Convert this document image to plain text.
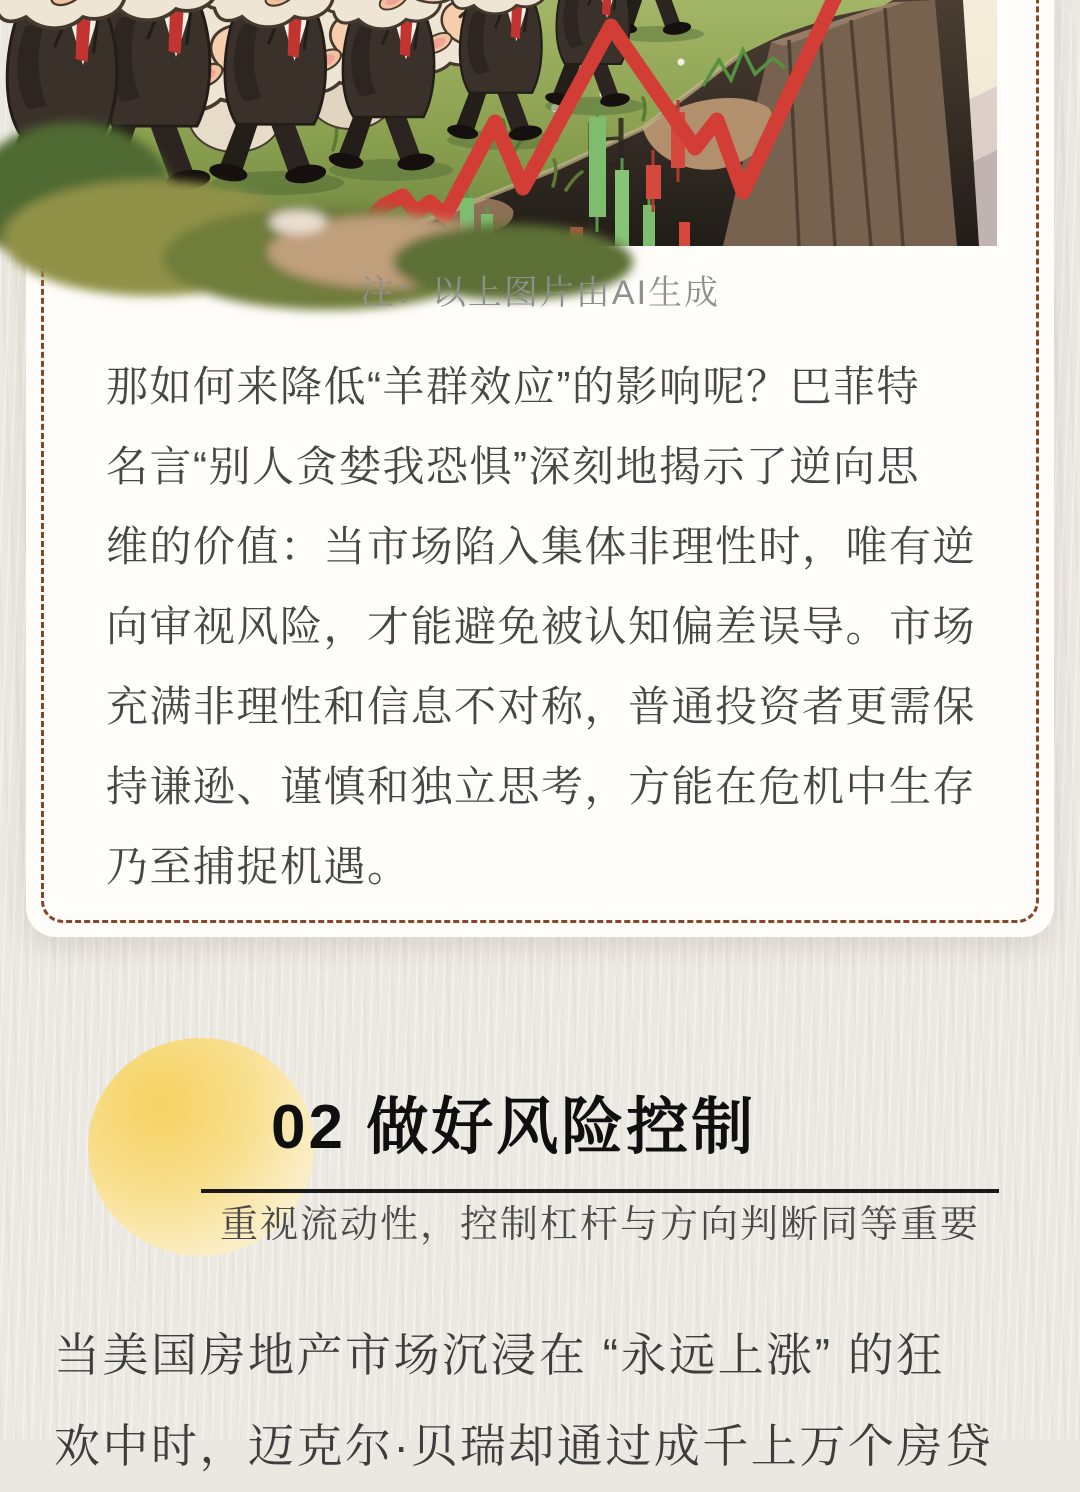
注：以上图片由AI生成
那如何来降低“羊群效应”的影响呢？巴菲特
名言“别人贪婪我恐惧”深刻地揭示了逆向思
维的价值：当市场陷入集体非理性时，唯有逆
向审视风险，才能避免被认知偏差误导。市场
充满非理性和信息不对称，普通投资者更需保
持谦逊、谨慎和独立思考，方能在危机中生存
乃至捕捉机遇。
02 做好风险控制
重视流动性，控制杠杆与方向判断同等重要
当美国房地产市场沉浸在 “永远上涨” 的狂
欢中时，迈克尔·贝瑞却通过成千上万个房贷
